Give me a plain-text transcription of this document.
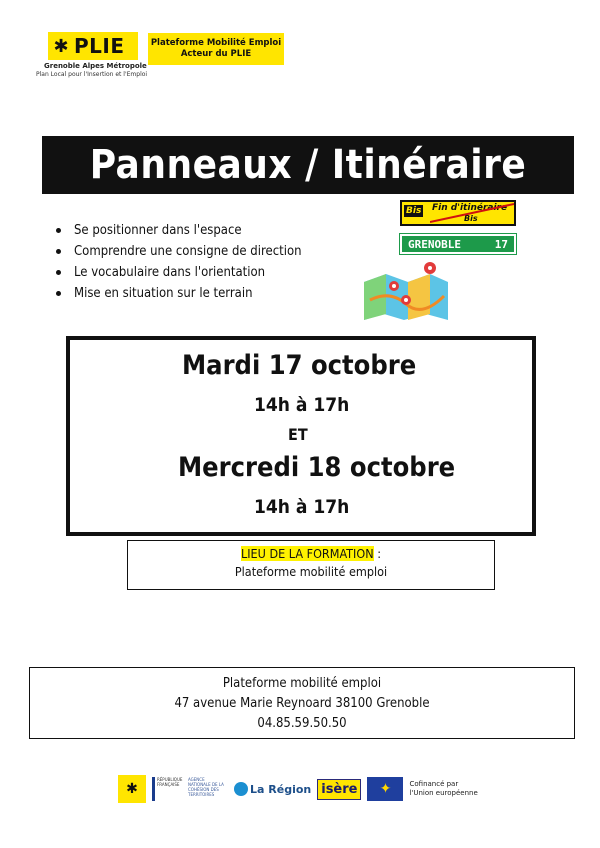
✱ PLIE
Grenoble Alpes Métropole
Plan Local pour l'Insertion et l'Emploi
Plateforme Mobilité Emploi
Acteur du PLIE
Panneaux / Itinéraire
Se positionner dans l'espace
Comprendre une consigne de direction
Le vocabulaire dans l'orientation
Mise en situation sur le terrain
Bis Fin d'itinéraire
Bis
GRENOBLE	17
Mardi 17 octobre
14h à 17h
ET
Mercredi 18 octobre
14h à 17h
LIEU DE LA FORMATION :
Plateforme mobilité emploi
Plateforme mobilité emploi
47 avenue Marie Reynoard 38100 Grenoble
04.85.59.50.50
✱
RÉPUBLIQUE FRANÇAISE
AGENCE NATIONALE DE LA COHÉSION DES TERRITOIRES	La Région isère	✦	Cofinancé par l'Union européenne
